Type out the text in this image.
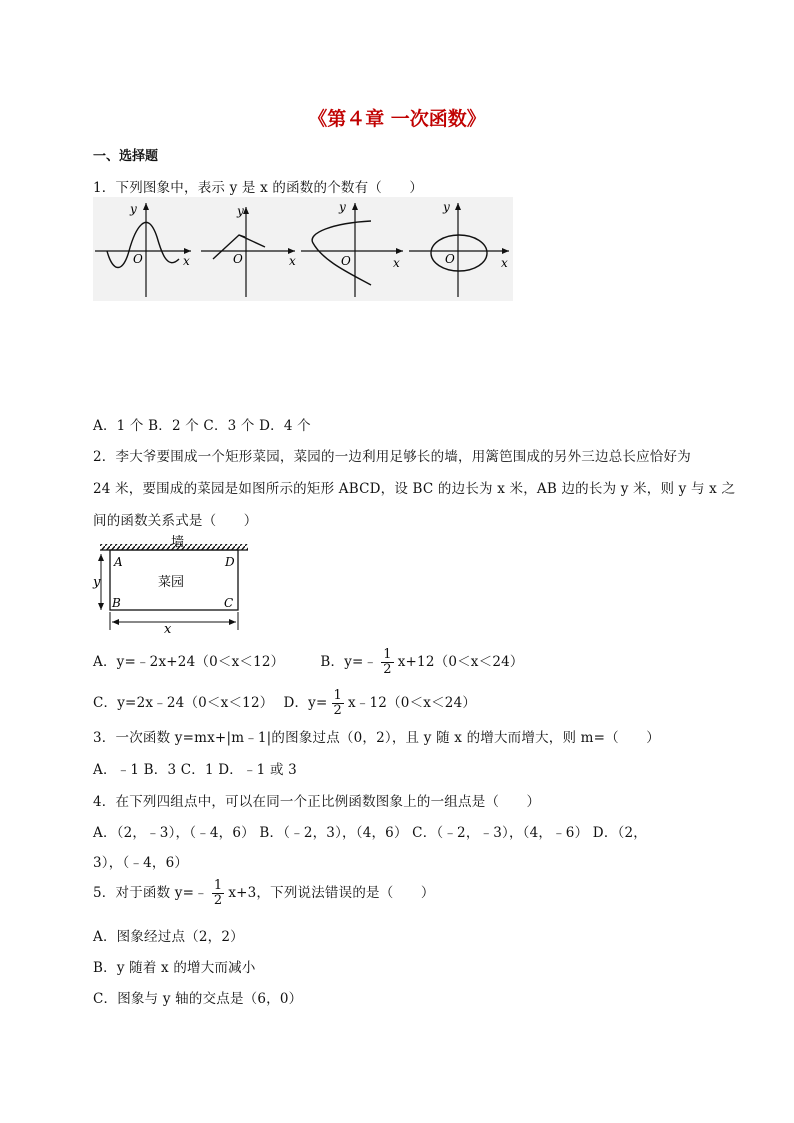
《第４章 一次函数》
一、选择题
1．下列图象中，表示 y 是 x 的函数的个数有（　　）
y
x
O
y
x
O
y
x
O
y
x
O
A．1 个 B．2 个 C．3 个 D．4 个
2．李大爷要围成一个矩形菜园，菜园的一边利用足够长的墙，用篱笆围成的另外三边总长应恰好为
24 米，要围成的菜园是如图所示的矩形 ABCD，设 BC 的边长为 x 米，AB 边的长为 y 米，则 y 与 x 之
间的函数关系式是（　　）
墙
菜园
A	D
B	C
y
x
A．y=﹣2x+24（0＜x＜12）	B．y=﹣ $\frac{1}{2} x+12(0<x<24)$
C．y=2x﹣24（0＜x＜12） D．$y= \frac{1}{2}$ x﹣12（0＜x＜24）
3．一次函数 y=mx+|m﹣1|的图象过点（0，2），且 y 随 x 的增大而增大，则 m=（　　）
A．﹣1 B．3 C．1 D．﹣1 或 3
4．在下列四组点中，可以在同一个正比例函数图象上的一组点是（　　）
A．（2，﹣3），（﹣4，6） B．（﹣2，3），（4，6） C．（﹣2，﹣3），（4，﹣6） D．（2，
3），（﹣4，6）
5．对于函数 y=﹣ $\frac{1}{2} x+3$，下列说法错误的是（　　）
A．图象经过点（2，2）
B．y 随着 x 的增大而减小
C．图象与 y 轴的交点是（6，0）
